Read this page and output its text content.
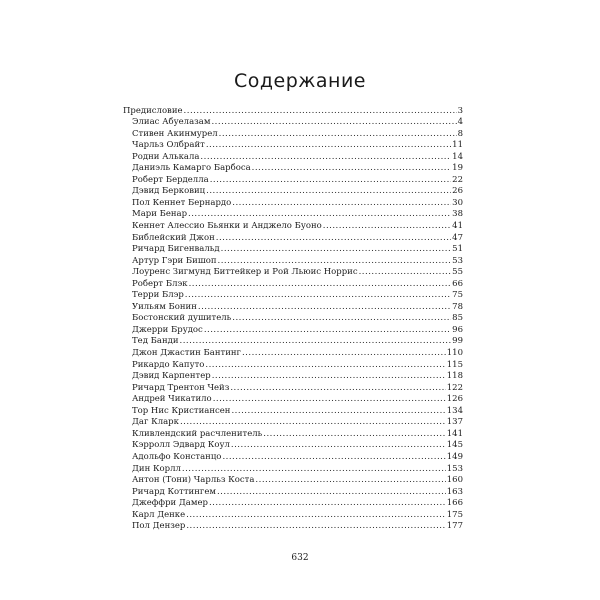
Содержание
Предисловие .....	3
Элиас Абуелазам .....	4
Стивен Акинмурел .....	8
Чарльз Олбрайт .....	11
Родни Алькала .....	14
Даниэль Камарго Барбоса .....	19
Роберт Берделла .....	22
Дэвид Берковиц .....	26
Пол Кеннет Бернардо .....	30
Мари Бенар .....	38
Кеннет Алессио Бьянки и Анджело Буоно .....	41
Библейский Джон .....	47
Ричард Бигенвальд .....	51
Артур Гэри Бишоп .....	53
Лоуренс Зигмунд Биттейкер и Рой Льюис Норрис .....	55
Роберт Блэк .....	66
Терри Блэр .....	75
Уильям Бонин .....	78
Бостонский душитель .....	85
Джерри Брудос .....	96
Тед Банди .....	99
Джон Джастин Бантинг .....	110
Рикардо Капуто .....	115
Дэвид Карпентер .....	118
Ричард Трентон Чейз .....	122
Андрей Чикатило .....	126
Тор Нис Кристиансен .....	134
Даг Кларк .....	137
Кливлендский расчленитель .....	141
Кэрролл Эдвард Коул .....	145
Адольфо Констанцо .....	149
Дин Корлл .....	153
Антон (Тони) Чарльз Коста .....	160
Ричард Коттингем .....	163
Джеффри Дамер .....	166
Карл Денке .....	175
Пол Дензер .....	177
632
